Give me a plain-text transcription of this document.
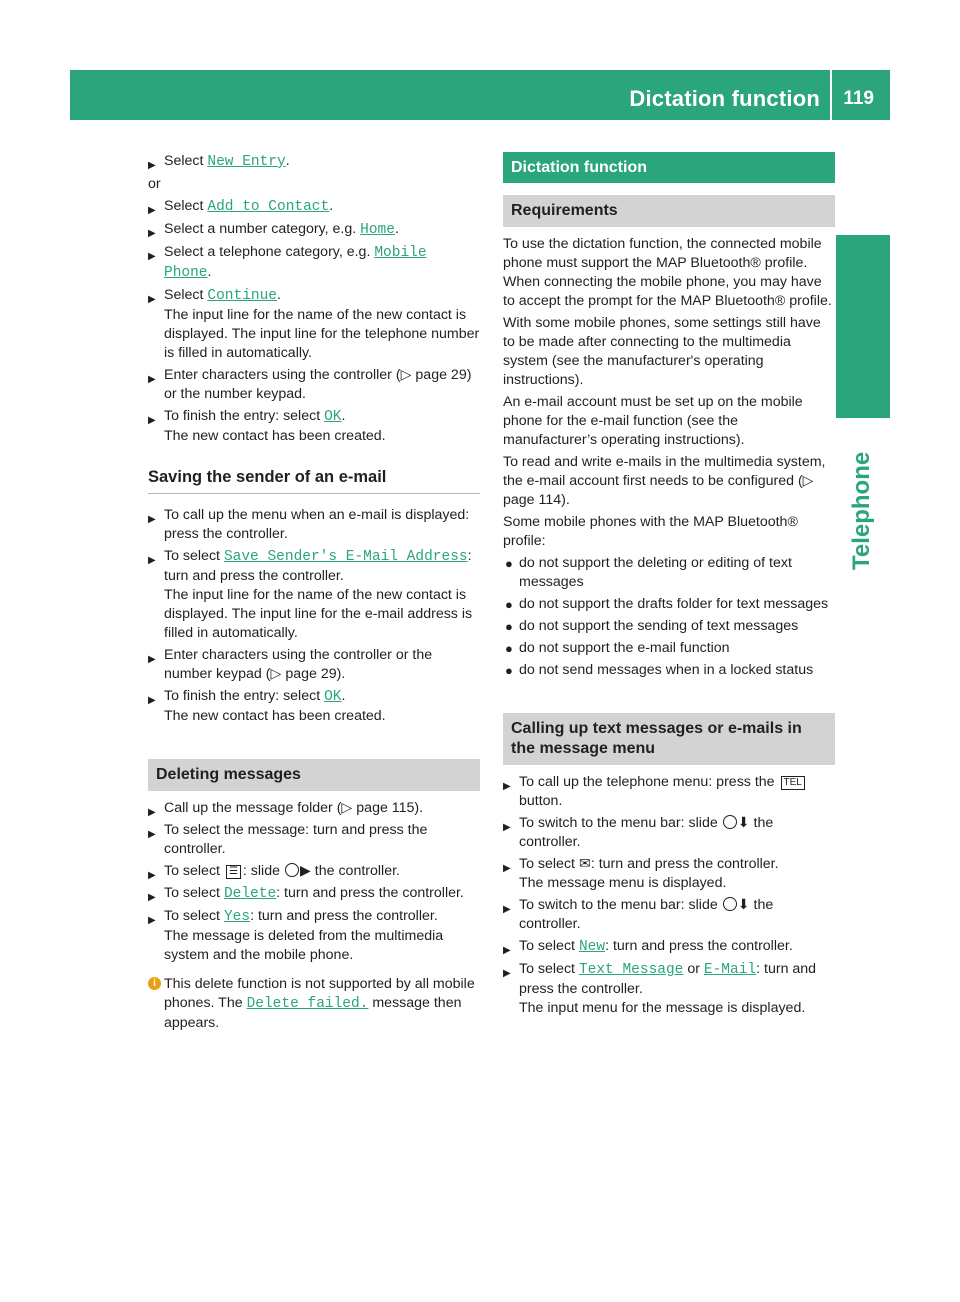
Dictation function 119
Telephone
▶ Select New Entry.
or
▶ Select Add to Contact.
▶ Select a number category, e.g. Home.
▶ Select a telephone category, e.g. Mobile Phone.
▶ Select Continue.
The input line for the name of the new contact is displayed. The input line for the telephone number is filled in automatically.
▶ Enter characters using the controller (▷ page 29) or the number keypad.
▶ To finish the entry: select OK.
The new contact has been created.
Saving the sender of an e-mail
▶ To call up the menu when an e-mail is displayed: press the controller.
▶ To select Save Sender's E-Mail Address: turn and press the controller.
The input line for the name of the new contact is displayed. The input line for the e-mail address is filled in automatically.
▶ Enter characters using the controller or the number keypad (▷ page 29).
▶ To finish the entry: select OK.
The new contact has been created.
Deleting messages
▶ Call up the message folder (▷ page 115).
▶ To select the message: turn and press the controller.
▶ To select ☰ : slide ▶ the controller.
▶ To select Delete: turn and press the controller.
▶ To select Yes: turn and press the controller.
The message is deleted from the multimedia system and the mobile phone.
i This delete function is not supported by all mobile phones. The Delete failed. message then appears.
Dictation function
Requirements
To use the dictation function, the connected mobile phone must support the MAP Bluetooth® profile. When connecting the mobile phone, you may have to accept the prompt for the MAP Bluetooth® profile.
With some mobile phones, some settings still have to be made after connecting to the multimedia system (see the manufacturer's operating instructions).
An e-mail account must be set up on the mobile phone for the e-mail function (see the manufacturer’s operating instructions).
To read and write e-mails in the multimedia system, the e-mail account first needs to be configured (▷ page 114).
Some mobile phones with the MAP Bluetooth® profile:
● do not support the deleting or editing of text messages
● do not support the drafts folder for text messages
● do not support the sending of text messages
● do not support the e-mail function
● do not send messages when in a locked status
Calling up text messages or e-mails in the message menu
▶ To call up the telephone menu: press the TEL button.
▶ To switch to the menu bar: slide ⬇ the controller.
▶ To select ✉: turn and press the controller.
The message menu is displayed.
▶ To switch to the menu bar: slide ⬇ the controller.
▶ To select New: turn and press the controller.
▶ To select Text Message or E-Mail: turn and press the controller.
The input menu for the message is displayed.
